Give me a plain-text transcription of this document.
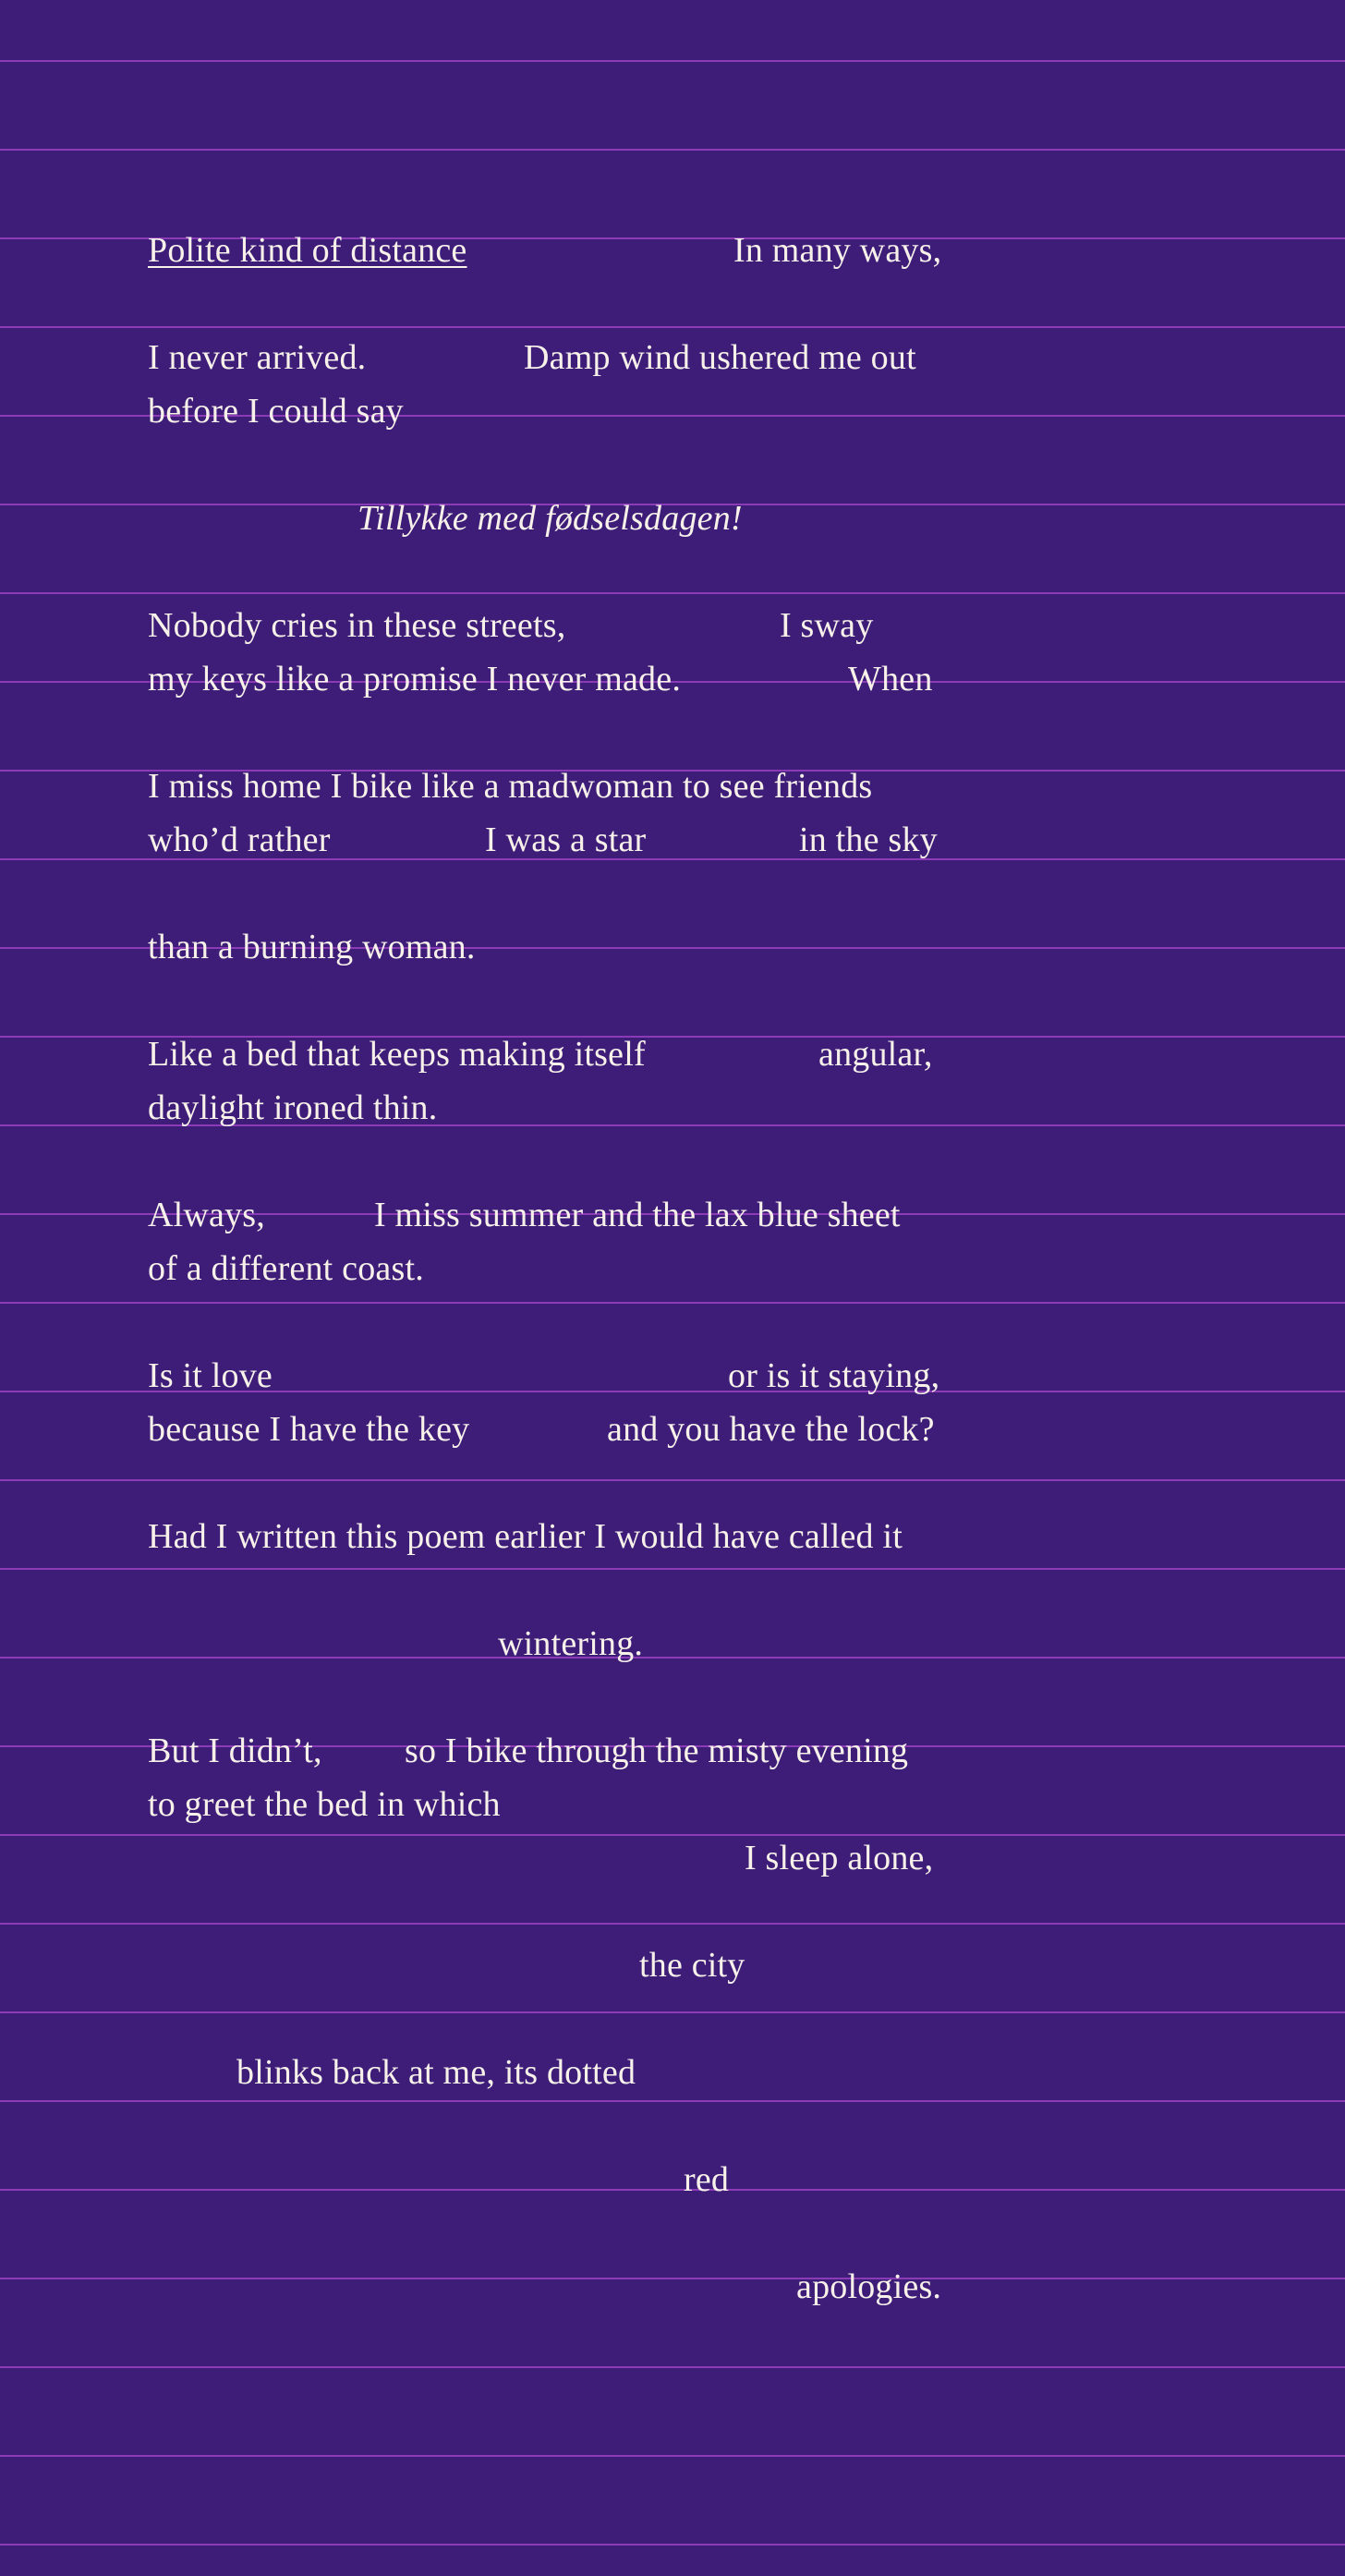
Polite kind of distance	In many ways,
I never arrived.	Damp wind ushered me out
before I could say
Tillykke med fødselsdagen!
Nobody cries in these streets,	I sway
my keys like a promise I never made.	When
I miss home I bike like a madwoman to see friends
who’d rather	I was a star	in the sky
than a burning woman.
Like a bed that keeps making itself	angular,
daylight ironed thin.
Always,	I miss summer and the lax blue sheet
of a different coast.
Is it love	or is it staying,
because I have the key	and you have the lock?
Had I written this poem earlier I would have called it
wintering.
But I didn’t, so I bike through the misty evening
to greet the bed in which
I sleep alone,
the city
blinks back at me, its dotted
red
apologies.
